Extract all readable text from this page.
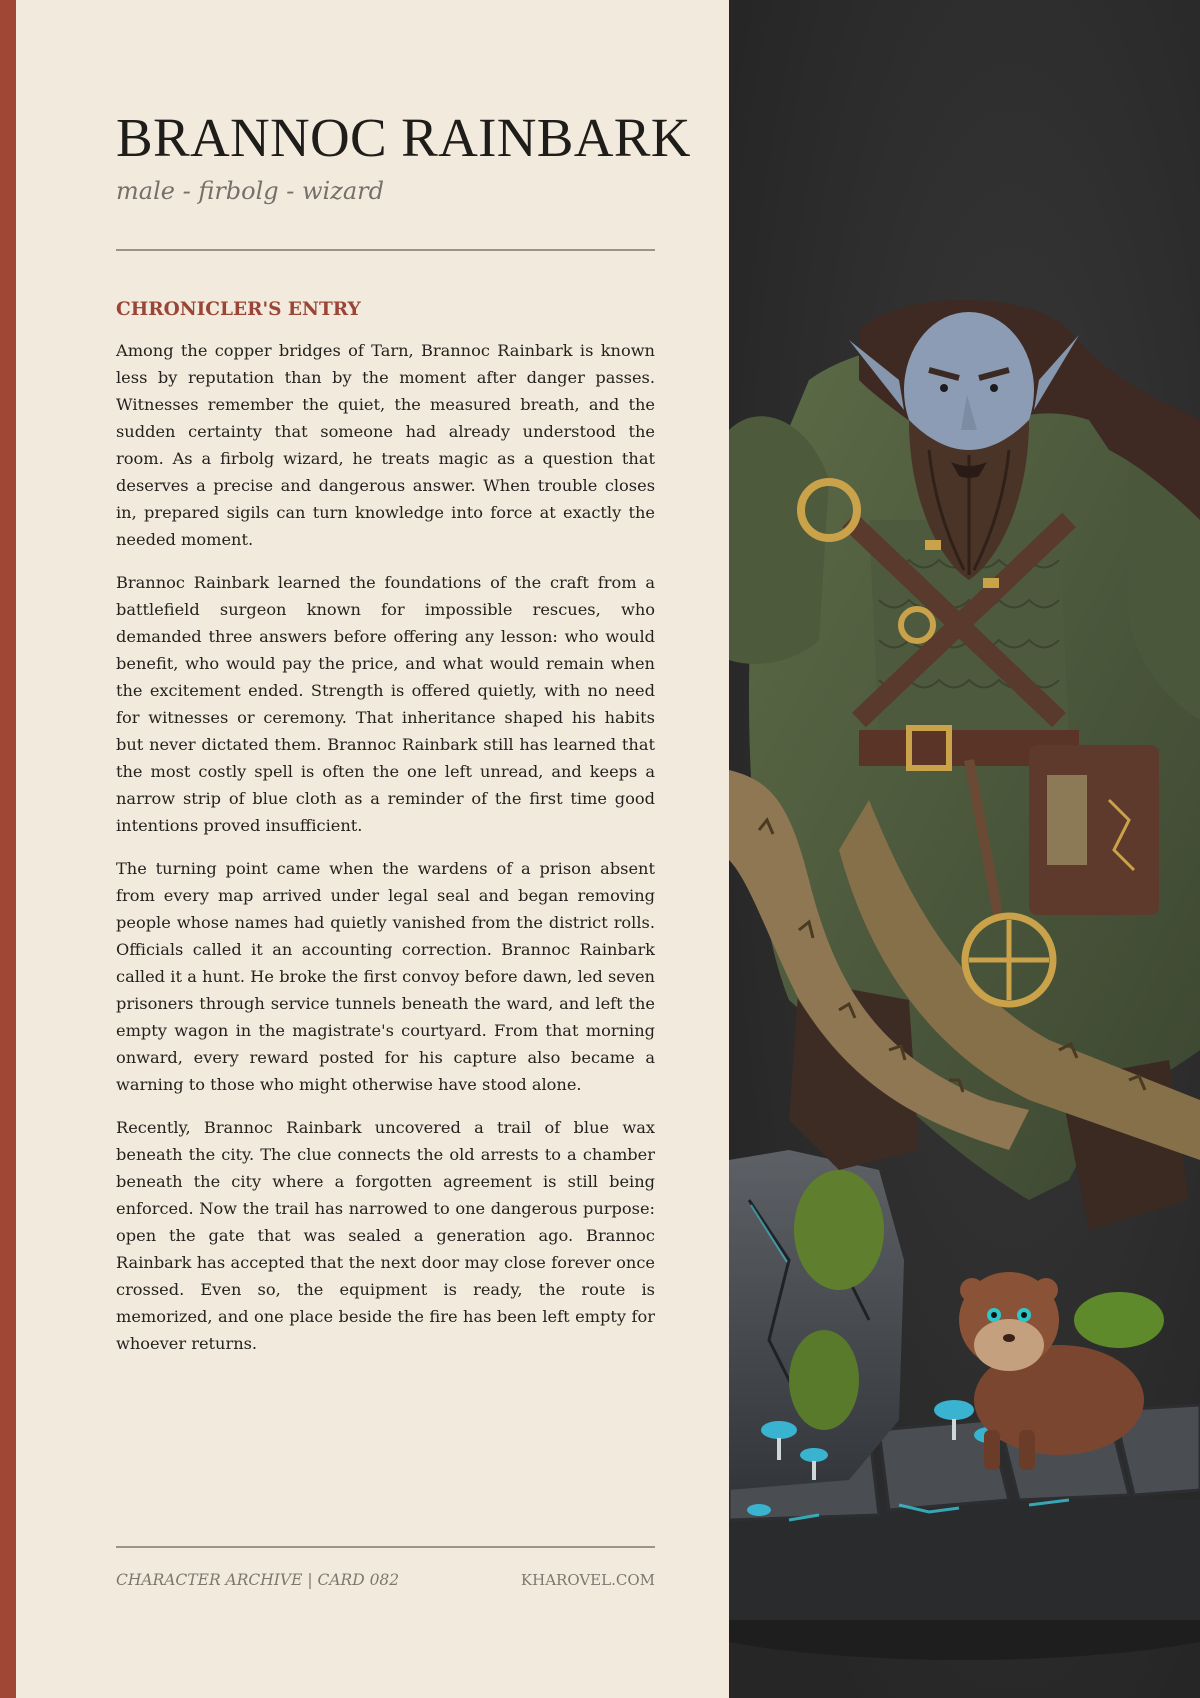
BRANNOC RAINBARK
male - firbolg - wizard
CHRONICLER'S ENTRY

Among the copper bridges of Tarn, Brannoc Rainbark is known less by reputation than by the moment after danger passes. Witnesses remember the quiet, the measured breath, and the sudden certainty that someone had already understood the room. As a firbolg wizard, he treats magic as a question that deserves a precise and dangerous answer. When trouble closes in, prepared sigils can turn knowledge into force at exactly the needed moment.

Brannoc Rainbark learned the foundations of the craft from a battlefield surgeon known for impossible rescues, who demanded three answers before offering any lesson: who would benefit, who would pay the price, and what would remain when the excitement ended. Strength is offered quietly, with no need for witnesses or ceremony. That inheritance shaped his habits but never dictated them. Brannoc Rainbark still has learned that the most costly spell is often the one left unread, and keeps a narrow strip of blue cloth as a reminder of the first time good intentions proved insufficient.

The turning point came when the wardens of a prison absent from every map arrived under legal seal and began removing people whose names had quietly vanished from the district rolls. Officials called it an accounting correction. Brannoc Rainbark called it a hunt. He broke the first convoy before dawn, led seven prisoners through service tunnels beneath the ward, and left the empty wagon in the magistrate's courtyard. From that morning onward, every reward posted for his capture also became a warning to those who might otherwise have stood alone.

Recently, Brannoc Rainbark uncovered a trail of blue wax beneath the city. The clue connects the old arrests to a chamber beneath the city where a forgotten agreement is still being enforced. Now the trail has narrowed to one dangerous purpose: open the gate that was sealed a generation ago. Brannoc Rainbark has accepted that the next door may close forever once crossed. Even so, the equipment is ready, the route is memorized, and one place beside the fire has been left empty for whoever returns.

CHARACTER ARCHIVE | CARD 082	KHAROVEL.COM
